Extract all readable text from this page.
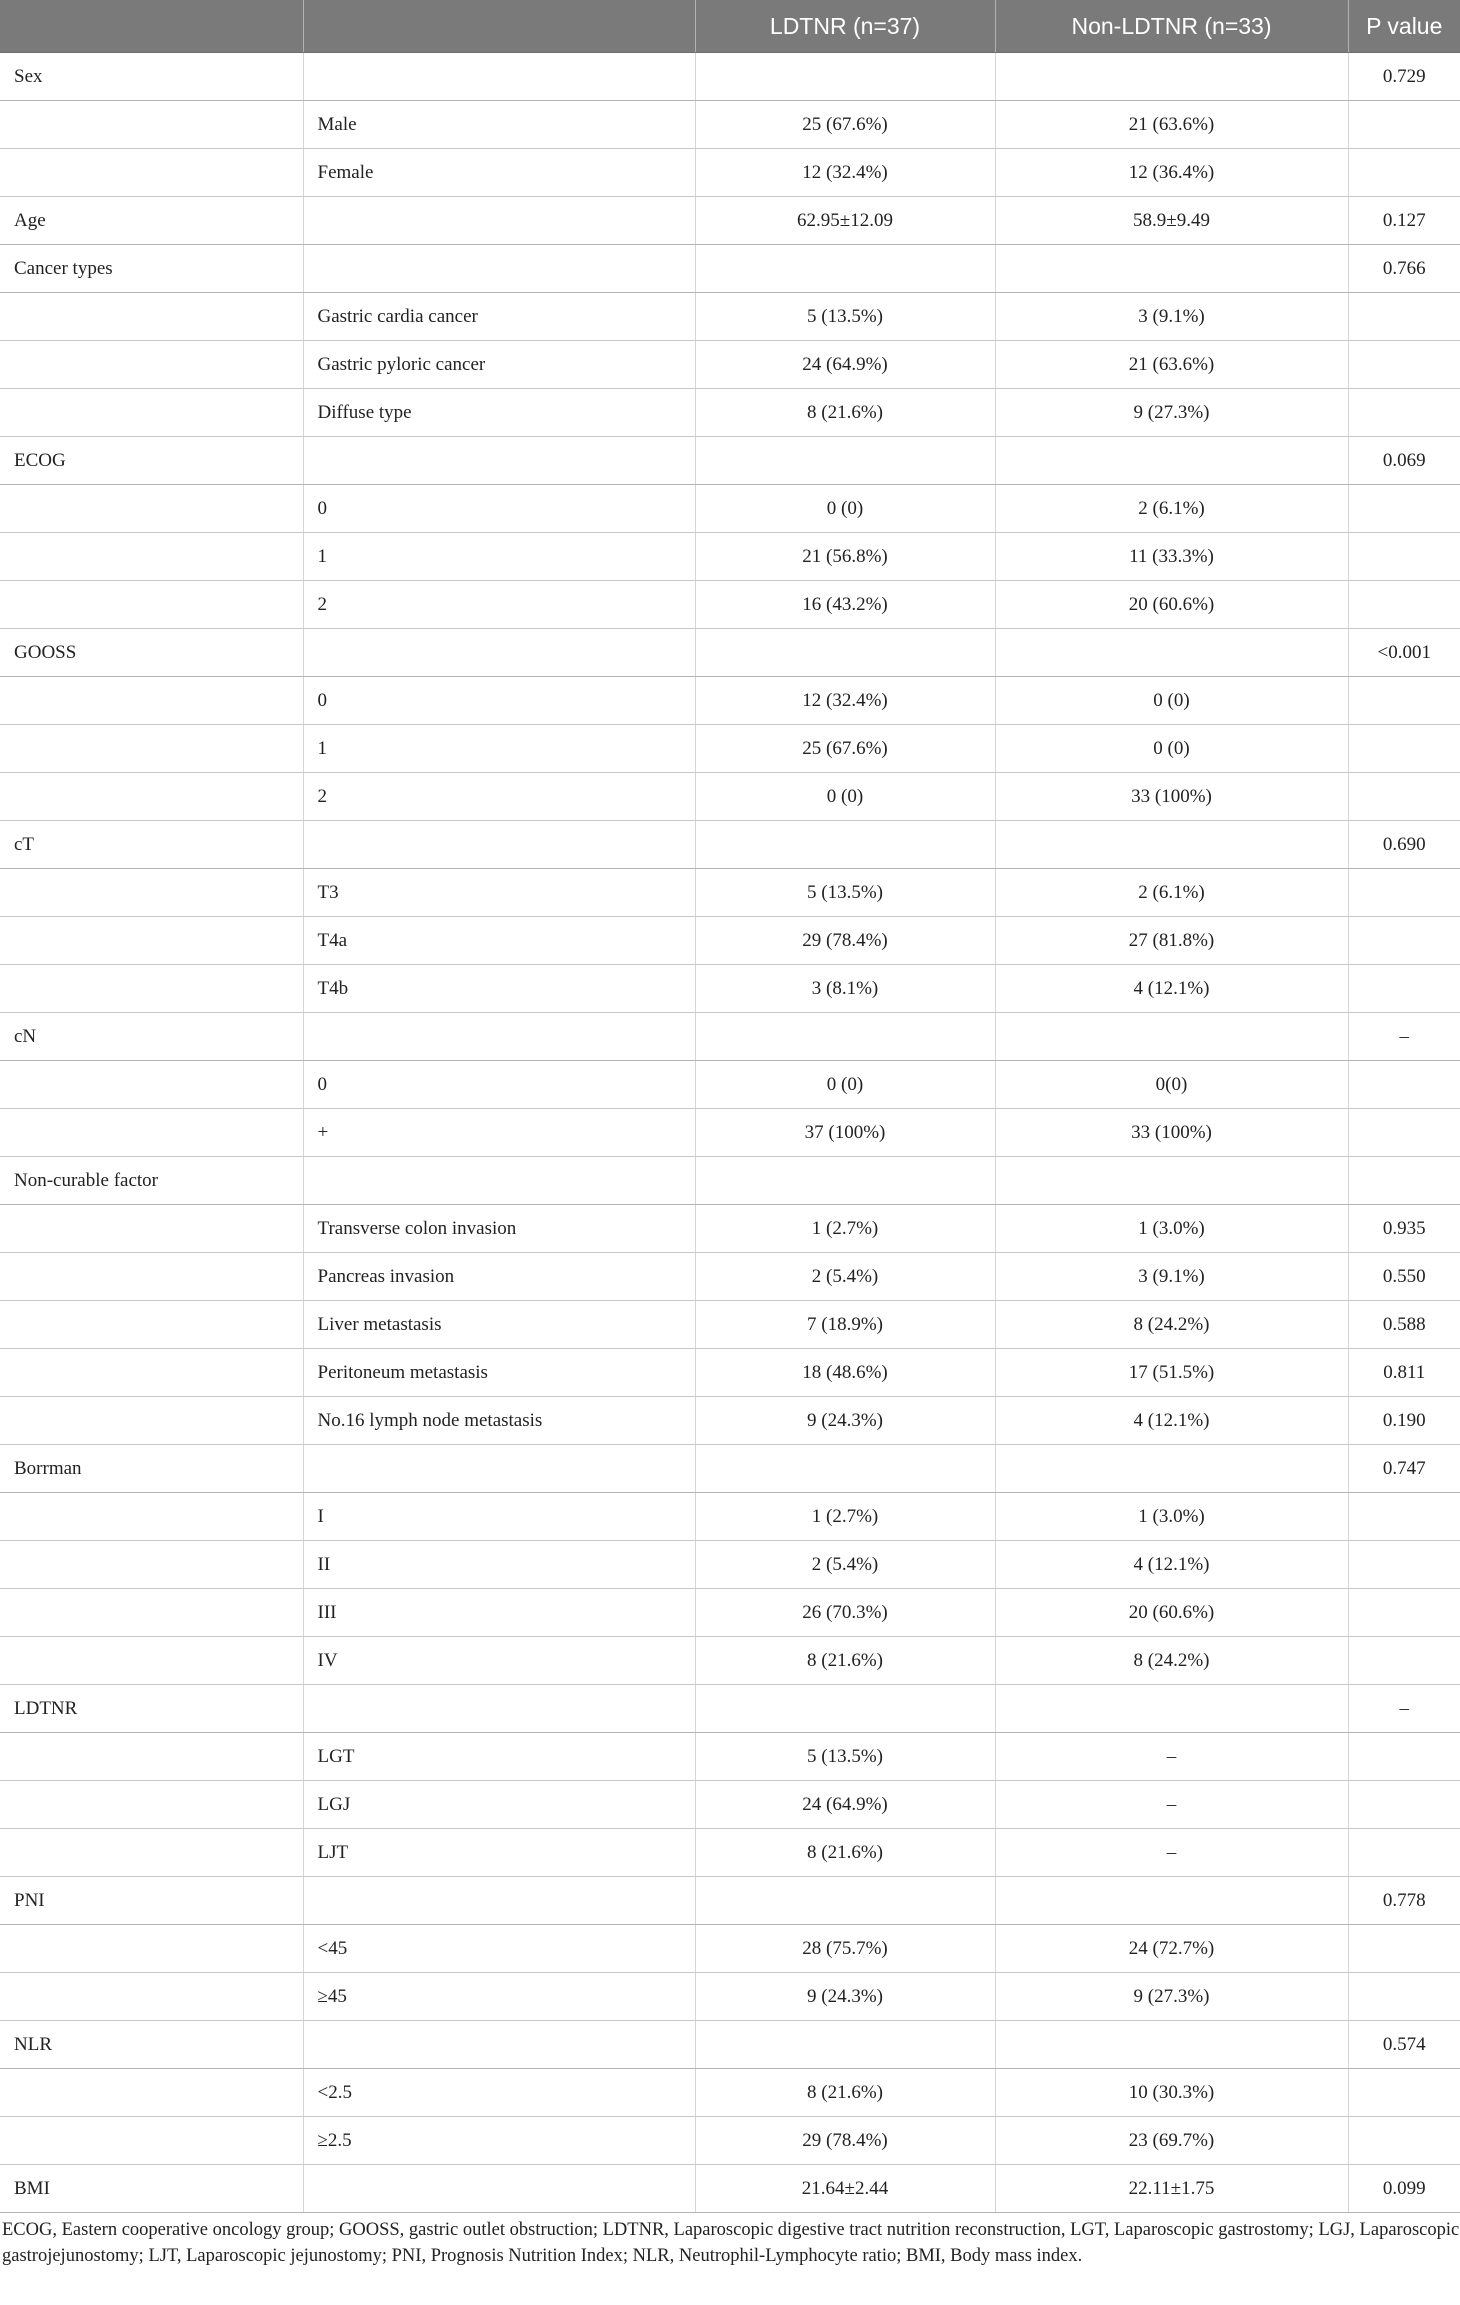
		LDTNR (n=37)	Non-LDTNR (n=33)	P value
Sex				0.729
	Male	25 (67.6%)	21 (63.6%)	
	Female	12 (32.4%)	12 (36.4%)	
Age		62.95±12.09	58.9±9.49	0.127
Cancer types				0.766
	Gastric cardia cancer	5 (13.5%)	3 (9.1%)	
	Gastric pyloric cancer	24 (64.9%)	21 (63.6%)	
	Diffuse type	8 (21.6%)	9 (27.3%)	
ECOG				0.069
	0	0 (0)	2 (6.1%)	
	1	21 (56.8%)	11 (33.3%)	
	2	16 (43.2%)	20 (60.6%)	
GOOSS				<0.001
	0	12 (32.4%)	0 (0)	
	1	25 (67.6%)	0 (0)	
	2	0 (0)	33 (100%)	
cT				0.690
	T3	5 (13.5%)	2 (6.1%)	
	T4a	29 (78.4%)	27 (81.8%)	
	T4b	3 (8.1%)	4 (12.1%)	
cN				–
	0	0 (0)	0(0)	
	+	37 (100%)	33 (100%)	
Non-curable factor				
	Transverse colon invasion	1 (2.7%)	1 (3.0%)	0.935
	Pancreas invasion	2 (5.4%)	3 (9.1%)	0.550
	Liver metastasis	7 (18.9%)	8 (24.2%)	0.588
	Peritoneum metastasis	18 (48.6%)	17 (51.5%)	0.811
	No.16 lymph node metastasis	9 (24.3%)	4 (12.1%)	0.190
Borrman				0.747
	I	1 (2.7%)	1 (3.0%)	
	II	2 (5.4%)	4 (12.1%)	
	III	26 (70.3%)	20 (60.6%)	
	IV	8 (21.6%)	8 (24.2%)	
LDTNR				–
	LGT	5 (13.5%)	–	
	LGJ	24 (64.9%)	–	
	LJT	8 (21.6%)	–	
PNI				0.778
	<45	28 (75.7%)	24 (72.7%)	
	≥45	9 (24.3%)	9 (27.3%)	
NLR				0.574
	<2.5	8 (21.6%)	10 (30.3%)	
	≥2.5	29 (78.4%)	23 (69.7%)	
BMI		21.64±2.44	22.11±1.75	0.099
ECOG, Eastern cooperative oncology group; GOOSS, gastric outlet obstruction; LDTNR, Laparoscopic digestive tract nutrition reconstruction, LGT, Laparoscopic gastrostomy; LGJ, Laparoscopic gastrojejunostomy; LJT, Laparoscopic jejunostomy; PNI, Prognosis Nutrition Index; NLR, Neutrophil-Lymphocyte ratio; BMI, Body mass index.
